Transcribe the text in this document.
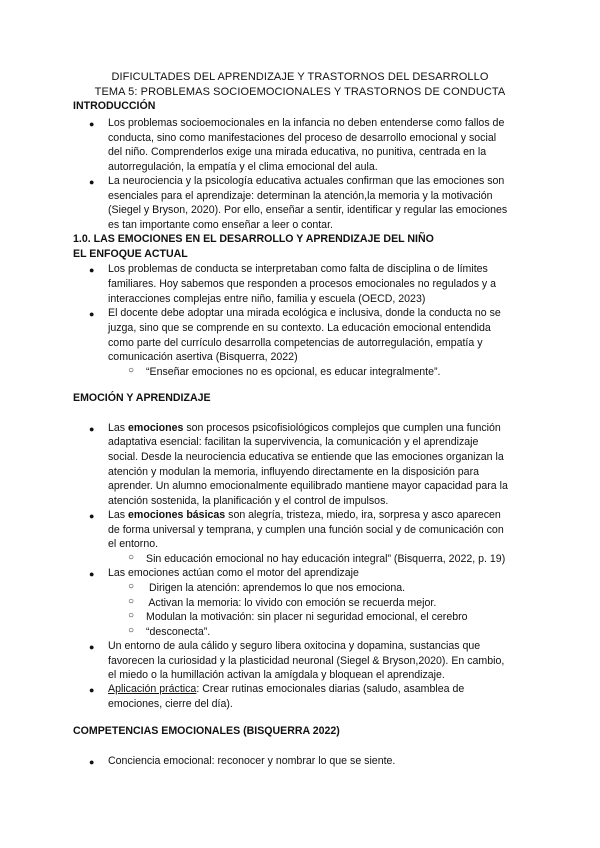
DIFICULTADES DEL APRENDIZAJE Y TRASTORNOS DEL DESARROLLO
TEMA 5: PROBLEMAS SOCIOEMOCIONALES Y TRASTORNOS DE CONDUCTA
INTRODUCCIÓN
● Los problemas socioemocionales en la infancia no deben entenderse como fallos de
conducta, sino como manifestaciones del proceso de desarrollo emocional y social
del niño. Comprenderlos exige una mirada educativa, no punitiva, centrada en la
autorregulación, la empatía y el clima emocional del aula.
● La neurociencia y la psicología educativa actuales confirman que las emociones son
esenciales para el aprendizaje: determinan la atención,la memoria y la motivación
(Siegel y Bryson, 2020). Por ello, enseñar a sentir, identificar y regular las emociones
es tan importante como enseñar a leer o contar.
1.0. LAS EMOCIONES EN EL DESARROLLO Y APRENDIZAJE DEL NIÑO
EL ENFOQUE ACTUAL
● Los problemas de conducta se interpretaban como falta de disciplina o de límites
familiares. Hoy sabemos que responden a procesos emocionales no regulados y a
interacciones complejas entre niño, familia y escuela (OECD, 2023)
● El docente debe adoptar una mirada ecológica e inclusiva, donde la conducta no se
juzga, sino que se comprende en su contexto. La educación emocional entendida
como parte del currículo desarrolla competencias de autorregulación, empatía y
comunicación asertiva (Bisquerra, 2022)
○ “Enseñar emociones no es opcional, es educar integralmente”.
EMOCIÓN Y APRENDIZAJE
● Las emociones son procesos psicofisiológicos complejos que cumplen una función
adaptativa esencial: facilitan la supervivencia, la comunicación y el aprendizaje
social. Desde la neurociencia educativa se entiende que las emociones organizan la
atención y modulan la memoria, influyendo directamente en la disposición para
aprender. Un alumno emocionalmente equilibrado mantiene mayor capacidad para la
atención sostenida, la planificación y el control de impulsos.
● Las emociones básicas son alegría, tristeza, miedo, ira, sorpresa y asco aparecen
de forma universal y temprana, y cumplen una función social y de comunicación con
el entorno.
○ Sin educación emocional no hay educación integral” (Bisquerra, 2022, p. 19)
● Las emociones actúan como el motor del aprendizaje
○ Dirigen la atención: aprendemos lo que nos emociona.
○ Activan la memoria: lo vivido con emoción se recuerda mejor.
○ Modulan la motivación: sin placer ni seguridad emocional, el cerebro
○ “desconecta”.
● Un entorno de aula cálido y seguro libera oxitocina y dopamina, sustancias que
favorecen la curiosidad y la plasticidad neuronal (Siegel & Bryson,2020). En cambio,
el miedo o la humillación activan la amígdala y bloquean el aprendizaje.
● Aplicación práctica: Crear rutinas emocionales diarias (saludo, asamblea de
emociones, cierre del día).
COMPETENCIAS EMOCIONALES (BISQUERRA 2022)
● Conciencia emocional: reconocer y nombrar lo que se siente.
